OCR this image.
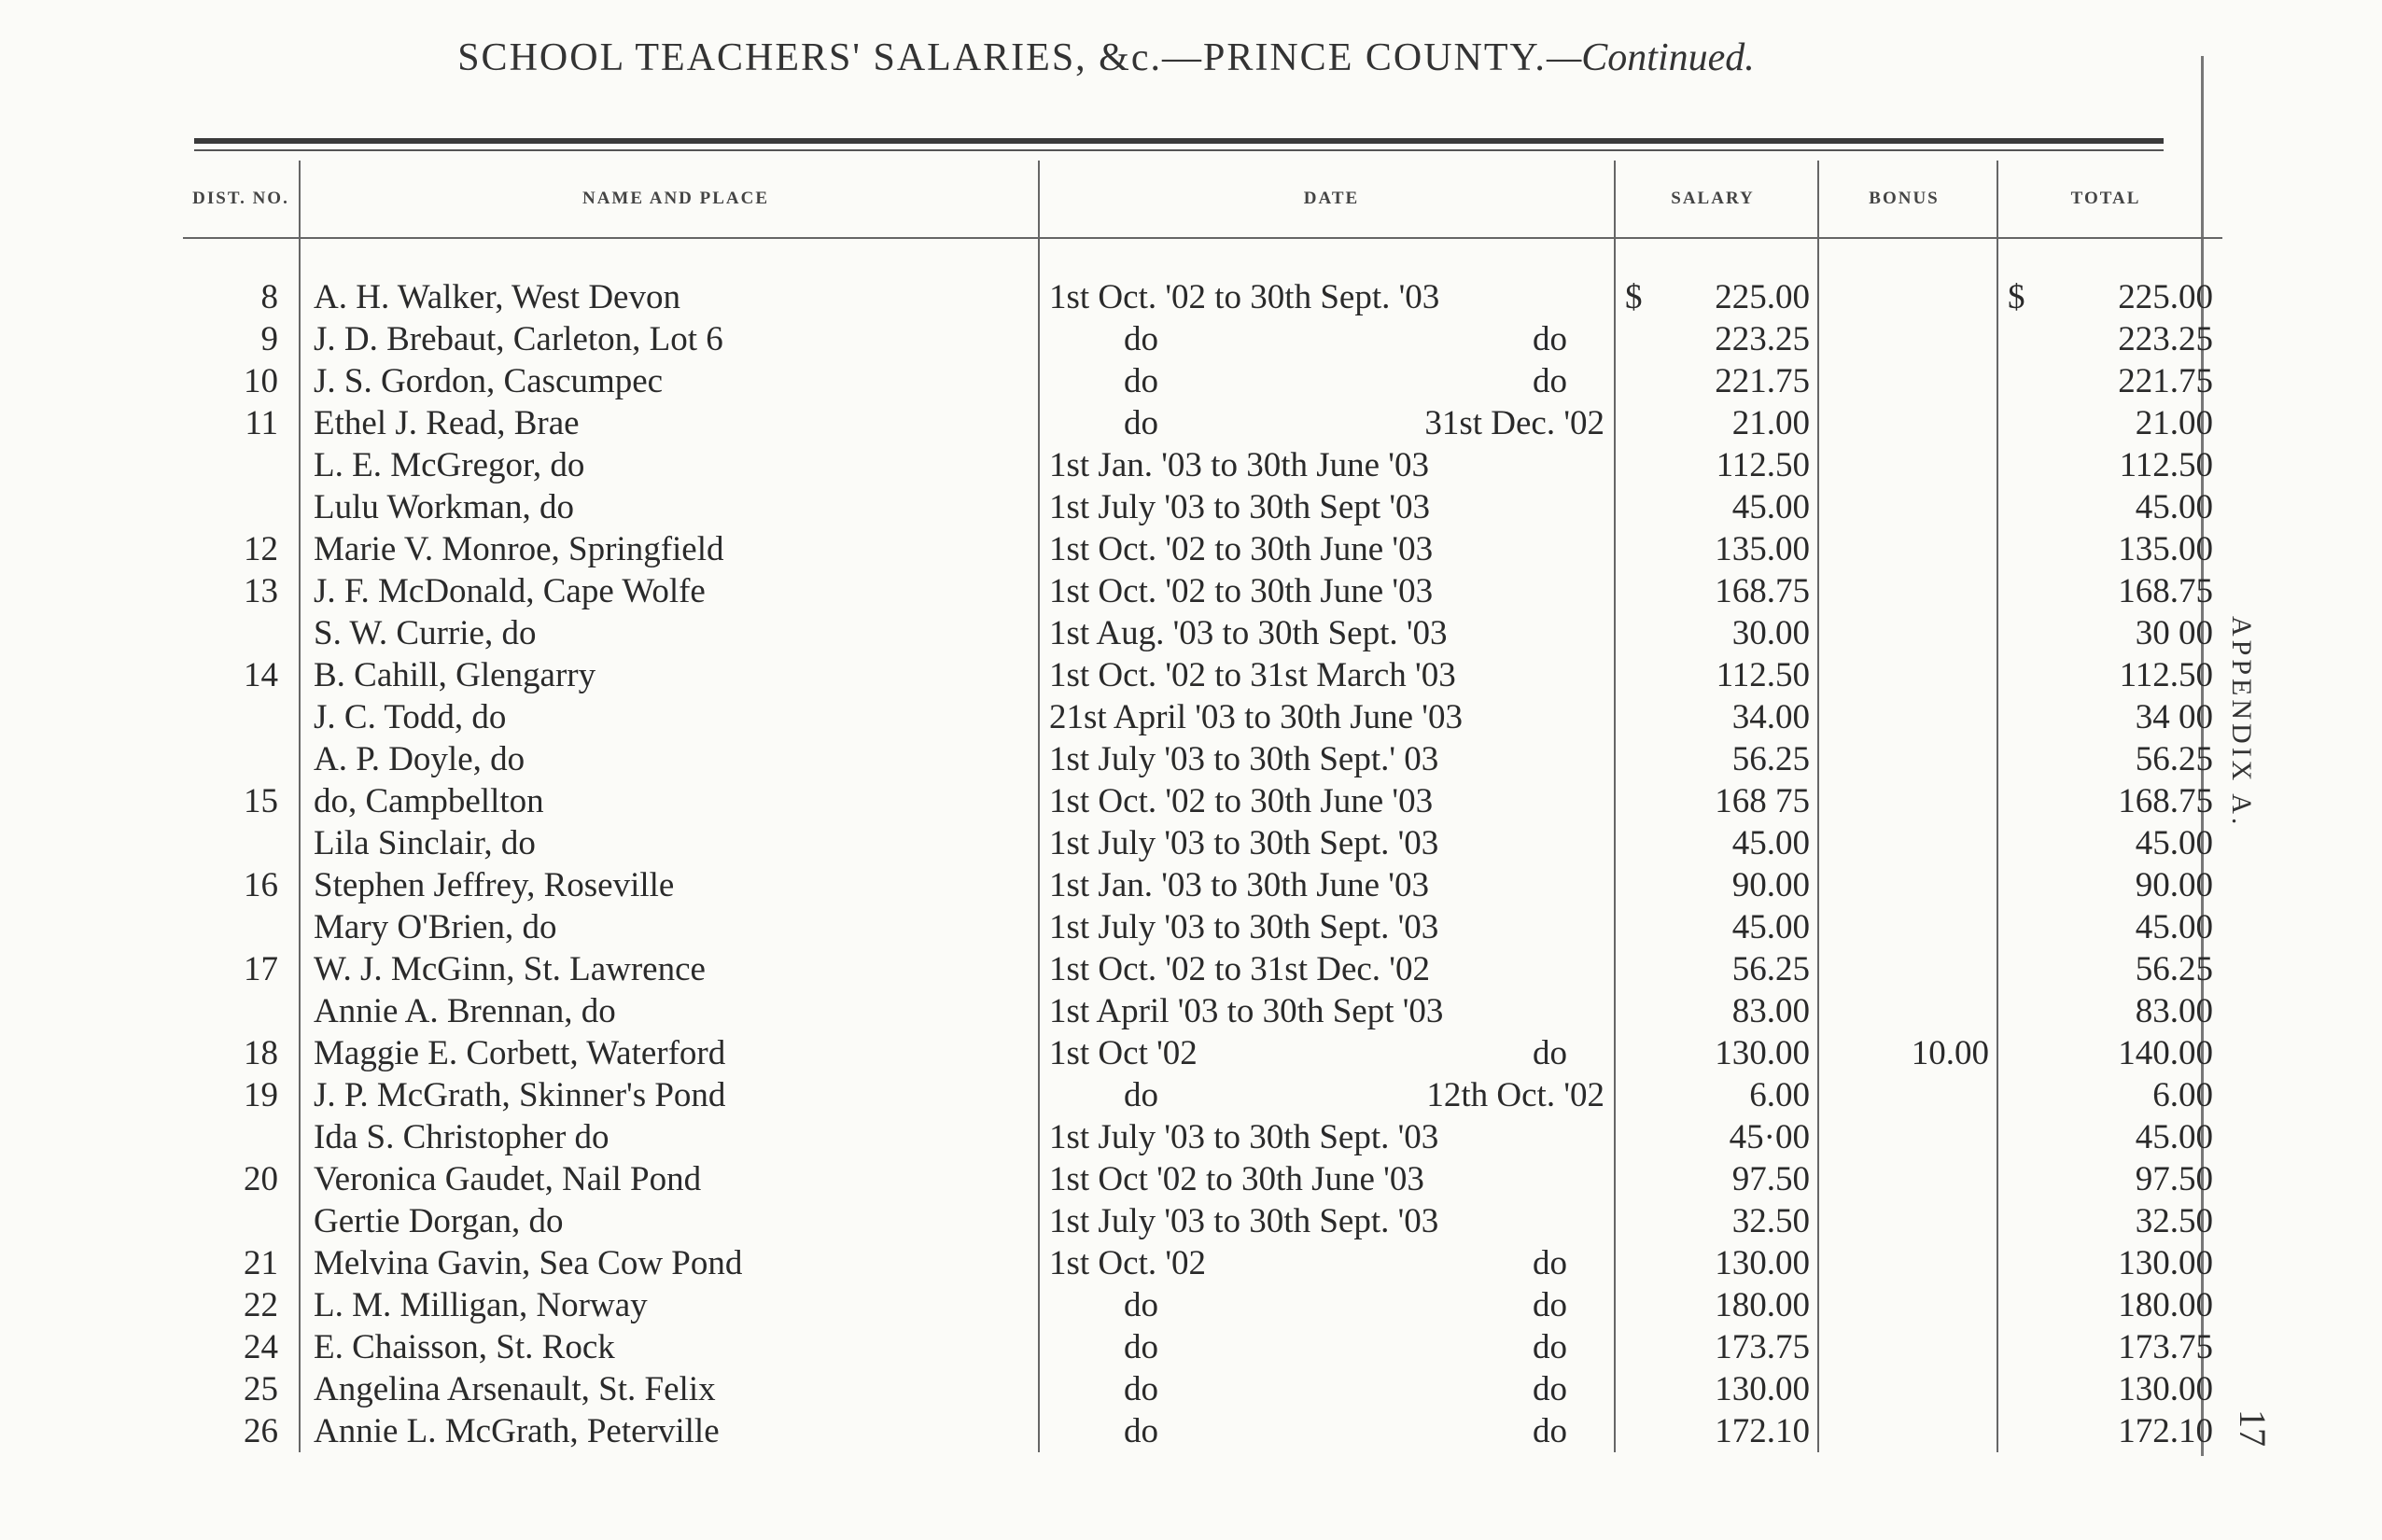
SCHOOL TEACHERS' SALARIES, &c.—PRINCE COUNTY.—Continued.
DIST. NO.	NAME AND PLACE	DATE	SALARY	BONUS	TOTAL

8	A. H. Walker, West Devon	1st Oct. '02 to 30th Sept. '03	$ 225.00		$ 225.00

9	J. D. Brebaut, Carleton, Lot 6	do do	223.25		223.25
10	J. S. Gordon, Cascumpec	do do	221.75		221.75
11	Ethel J. Read, Brae	do 31st Dec. '02	21.00		21.00
	L. E. McGregor, do	1st Jan. '03 to 30th June '03	112.50		112.50
	Lulu Workman, do	1st July '03 to 30th Sept '03	45.00		45.00
12	Marie V. Monroe, Springfield	1st Oct. '02 to 30th June '03	135.00		135.00
13	J. F. McDonald, Cape Wolfe	1st Oct. '02 to 30th June '03	168.75		168.75
	S. W. Currie, do	1st Aug. '03 to 30th Sept. '03	30.00		30 00
14	B. Cahill, Glengarry	1st Oct. '02 to 31st March '03	112.50		112.50
	J. C. Todd, do	21st April '03 to 30th June '03	34.00		34 00
	A. P. Doyle, do	1st July '03 to 30th Sept.' 03	56.25		56.25
15	do, Campbellton	1st Oct. '02 to 30th June '03	168 75		168.75
	Lila Sinclair, do	1st July '03 to 30th Sept. '03	45.00		45.00
16	Stephen Jeffrey, Roseville	1st Jan. '03 to 30th June '03	90.00		90.00
	Mary O'Brien, do	1st July '03 to 30th Sept. '03	45.00		45.00
17	W. J. McGinn, St. Lawrence	1st Oct. '02 to 31st Dec. '02	56.25		56.25
	Annie A. Brennan, do	1st April '03 to 30th Sept '03	83.00		83.00
18	Maggie E. Corbett, Waterford	1st Oct '02 do	130.00	10.00	140.00
19	J. P. McGrath, Skinner's Pond	do 12th Oct. '02	6.00		6.00
	Ida S. Christopher do	1st July '03 to 30th Sept. '03	45·00		45.00
20	Veronica Gaudet, Nail Pond	1st Oct '02 to 30th June '03	97.50		97.50
	Gertie Dorgan, do	1st July '03 to 30th Sept. '03	32.50		32.50
21	Melvina Gavin, Sea Cow Pond	1st Oct. '02 do	130.00		130.00
22	L. M. Milligan, Norway	do do	180.00		180.00
24	E. Chaisson, St. Rock	do do	173.75		173.75
25	Angelina Arsenault, St. Felix	do do	130.00		130.00
26	Annie L. McGrath, Peterville	do do	172.10		172.10
APPENDIX A.
17
